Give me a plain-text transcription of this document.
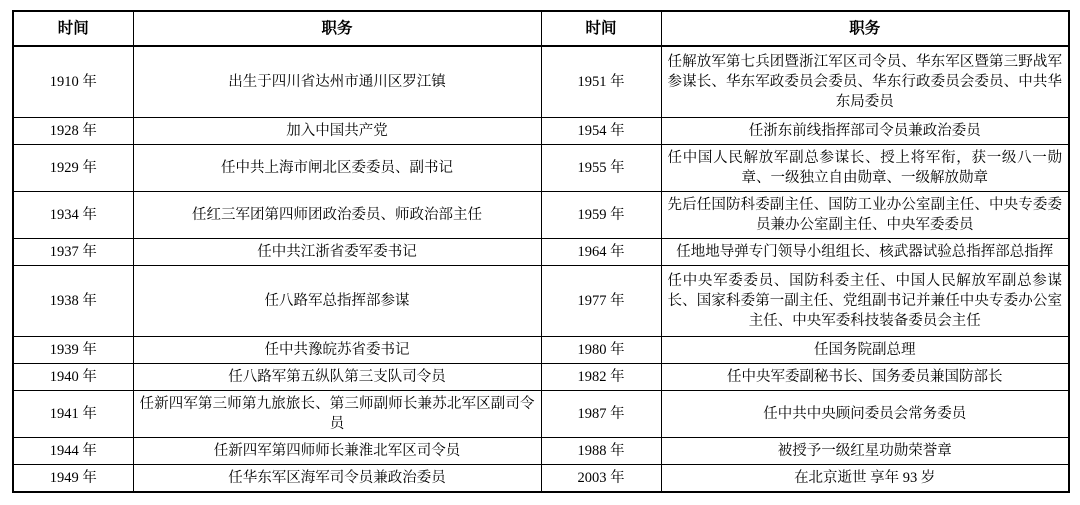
时间	职务	时间	职务
1910 年	出生于四川省达州市通川区罗江镇	1951 年	任解放军第七兵团暨浙江军区司令员、华东军区暨第三野战军参谋长、华东军政委员会委员、华东行政委员会委员、中共华东局委员
1928 年	加入中国共产党	1954 年	任浙东前线指挥部司令员兼政治委员
1929 年	任中共上海市闸北区委委员、副书记	1955 年	任中国人民解放军副总参谋长、授上将军衔，获一级八一勋章、一级独立自由勋章、一级解放勋章
1934 年	任红三军团第四师团政治委员、师政治部主任	1959 年	先后任国防科委副主任、国防工业办公室副主任、中央专委委员兼办公室副主任、中央军委委员
1937 年	任中共江浙省委军委书记	1964 年	任地地导弹专门领导小组组长、核武器试验总指挥部总指挥
1938 年	任八路军总指挥部参谋	1977 年	任中央军委委员、国防科委主任、中国人民解放军副总参谋长、国家科委第一副主任、党组副书记并兼任中央专委办公室主任、中央军委科技装备委员会主任
1939 年	任中共豫皖苏省委书记	1980 年	任国务院副总理
1940 年	任八路军第五纵队第三支队司令员	1982 年	任中央军委副秘书长、国务委员兼国防部长
1941 年	任新四军第三师第九旅旅长、第三师副师长兼苏北军区副司令员	1987 年	任中共中央顾问委员会常务委员
1944 年	任新四军第四师师长兼淮北军区司令员	1988 年	被授予一级红星功勋荣誉章
1949 年	任华东军区海军司令员兼政治委员	2003 年	在北京逝世 享年 93 岁
